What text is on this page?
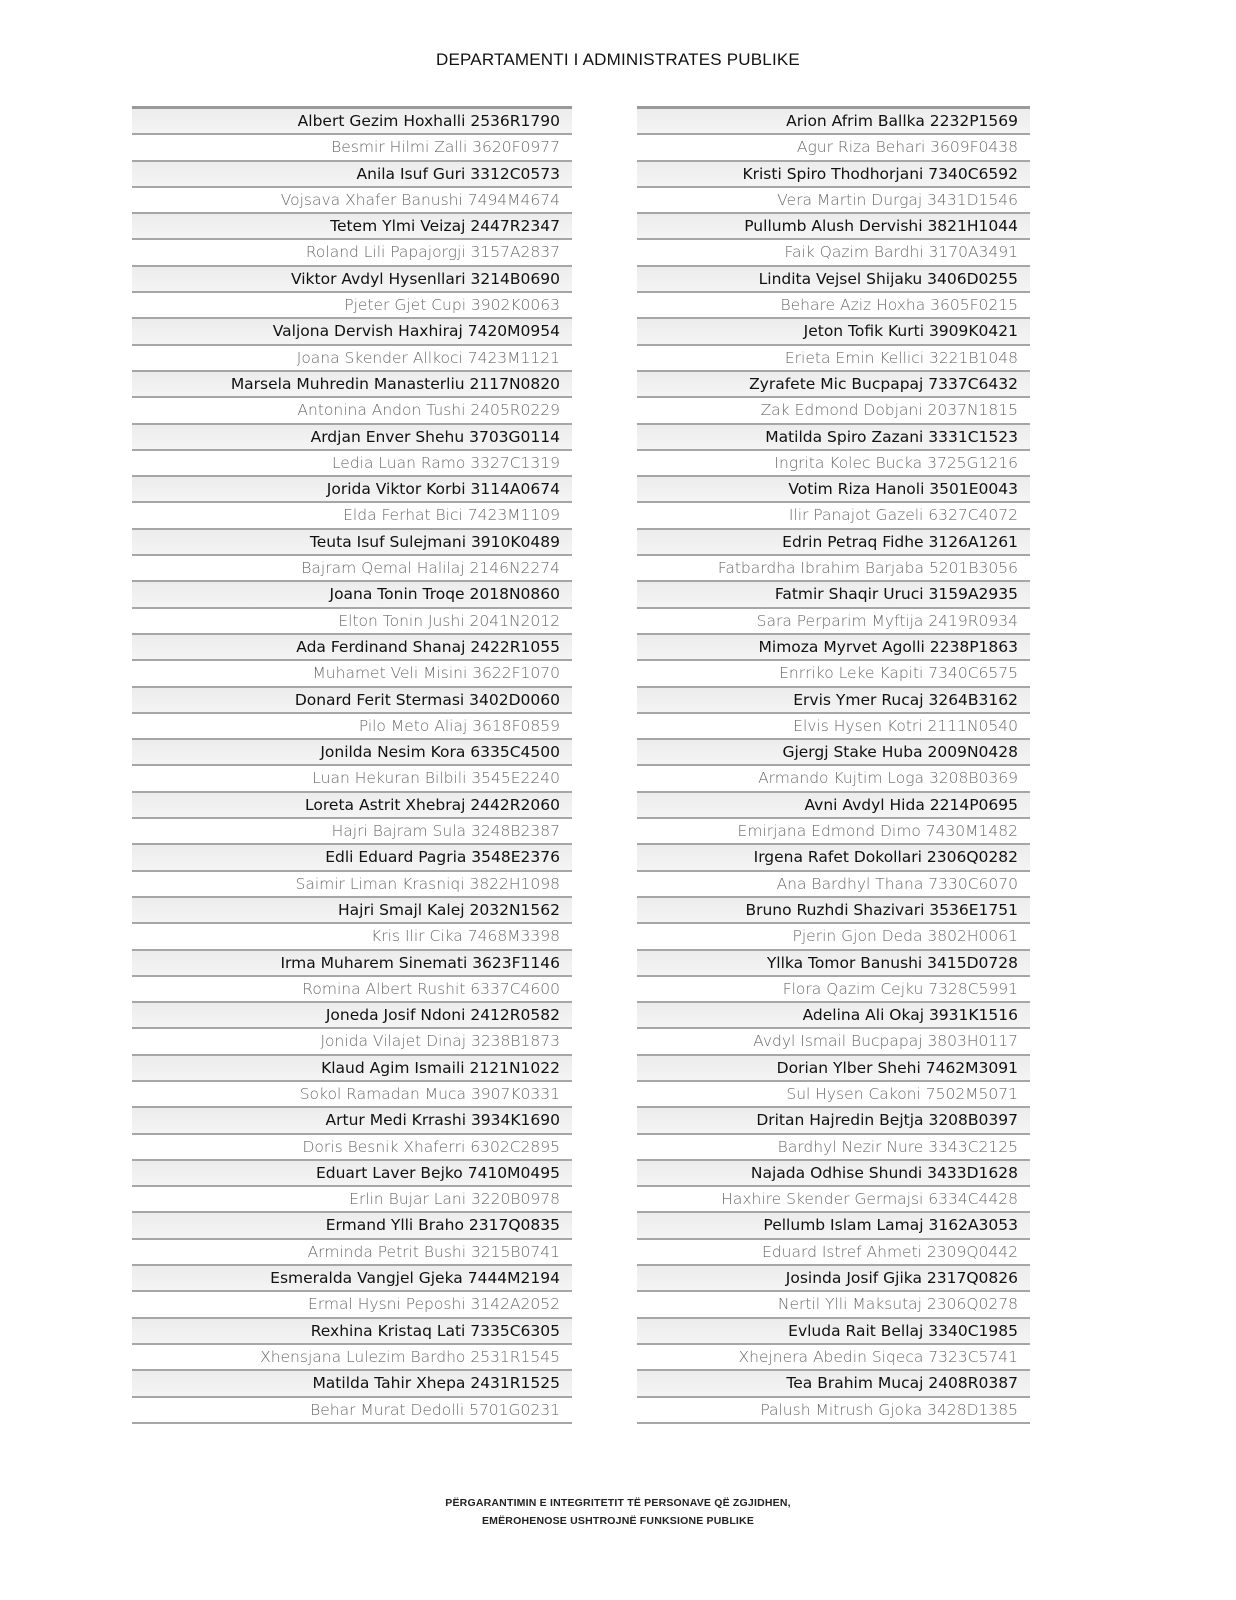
DEPARTAMENTI I ADMINISTRATES PUBLIKE
Albert Gezim Hoxhalli 2536R1790
Besmir Hilmi Zalli 3620F0977
Anila Isuf Guri 3312C0573
Vojsava Xhafer Banushi 7494M4674
Tetem Ylmi Veizaj 2447R2347
Roland Lili Papajorgji 3157A2837
Viktor Avdyl Hysenllari 3214B0690
Pjeter Gjet Cupi 3902K0063
Valjona Dervish Haxhiraj 7420M0954
Joana Skender Allkoci 7423M1121
Marsela Muhredin Manasterliu 2117N0820
Antonina Andon Tushi 2405R0229
Ardjan Enver Shehu 3703G0114
Ledia Luan Ramo 3327C1319
Jorida Viktor Korbi 3114A0674
Elda Ferhat Bici 7423M1109
Teuta Isuf Sulejmani 3910K0489
Bajram Qemal Halilaj 2146N2274
Joana Tonin Troqe 2018N0860
Elton Tonin Jushi 2041N2012
Ada Ferdinand Shanaj 2422R1055
Muhamet Veli Misini 3622F1070
Donard Ferit Stermasi 3402D0060
Pilo Meto Aliaj 3618F0859
Jonilda Nesim Kora 6335C4500
Luan Hekuran Bilbili 3545E2240
Loreta Astrit Xhebraj 2442R2060
Hajri Bajram Sula 3248B2387
Edli Eduard Pagria 3548E2376
Saimir Liman Krasniqi 3822H1098
Hajri Smajl Kalej 2032N1562
Kris Ilir Cika 7468M3398
Irma Muharem Sinemati 3623F1146
Romina Albert Rushit 6337C4600
Joneda Josif Ndoni 2412R0582
Jonida Vilajet Dinaj 3238B1873
Klaud Agim Ismaili 2121N1022
Sokol Ramadan Muca 3907K0331
Artur Medi Krrashi 3934K1690
Doris Besnik Xhaferri 6302C2895
Eduart Laver Bejko 7410M0495
Erlin Bujar Lani 3220B0978
Ermand Ylli Braho 2317Q0835
Arminda Petrit Bushi 3215B0741
Esmeralda Vangjel Gjeka 7444M2194
Ermal Hysni Peposhi 3142A2052
Rexhina Kristaq Lati 7335C6305
Xhensjana Lulezim Bardho 2531R1545
Matilda Tahir Xhepa 2431R1525
Behar Murat Dedolli 5701G0231
Arion Afrim Ballka 2232P1569
Agur Riza Behari 3609F0438
Kristi Spiro Thodhorjani 7340C6592
Vera Martin Durgaj 3431D1546
Pullumb Alush Dervishi 3821H1044
Faik Qazim Bardhi 3170A3491
Lindita Vejsel Shijaku 3406D0255
Behare Aziz Hoxha 3605F0215
Jeton Tofik Kurti 3909K0421
Erieta Emin Kellici 3221B1048
Zyrafete Mic Bucpapaj 7337C6432
Zak Edmond Dobjani 2037N1815
Matilda Spiro Zazani 3331C1523
Ingrita Kolec Bucka 3725G1216
Votim Riza Hanoli 3501E0043
Ilir Panajot Gazeli 6327C4072
Edrin Petraq Fidhe 3126A1261
Fatbardha Ibrahim Barjaba 5201B3056
Fatmir Shaqir Uruci 3159A2935
Sara Perparim Myftija 2419R0934
Mimoza Myrvet Agolli 2238P1863
Enrriko Leke Kapiti 7340C6575
Ervis Ymer Rucaj 3264B3162
Elvis Hysen Kotri 2111N0540
Gjergj Stake Huba 2009N0428
Armando Kujtim Loga 3208B0369
Avni Avdyl Hida 2214P0695
Emirjana Edmond Dimo 7430M1482
Irgena Rafet Dokollari 2306Q0282
Ana Bardhyl Thana 7330C6070
Bruno Ruzhdi Shazivari 3536E1751
Pjerin Gjon Deda 3802H0061
Yllka Tomor Banushi 3415D0728
Flora Qazim Cejku 7328C5991
Adelina Ali Okaj 3931K1516
Avdyl Ismail Bucpapaj 3803H0117
Dorian Ylber Shehi 7462M3091
Sul Hysen Cakoni 7502M5071
Dritan Hajredin Bejtja 3208B0397
Bardhyl Nezir Nure 3343C2125
Najada Odhise Shundi 3433D1628
Haxhire Skender Germajsi 6334C4428
Pellumb Islam Lamaj 3162A3053
Eduard Istref Ahmeti 2309Q0442
Josinda Josif Gjika 2317Q0826
Nertil Ylli Maksutaj 2306Q0278
Evluda Rait Bellaj 3340C1985
Xhejnera Abedin Siqeca 7323C5741
Tea Brahim Mucaj 2408R0387
Palush Mitrush Gjoka 3428D1385
PËRGARANTIMIN E INTEGRITETIT TË PERSONAVE QË ZGJIDHEN,
EMËROHENOSE USHTROJNË FUNKSIONE PUBLIKE
